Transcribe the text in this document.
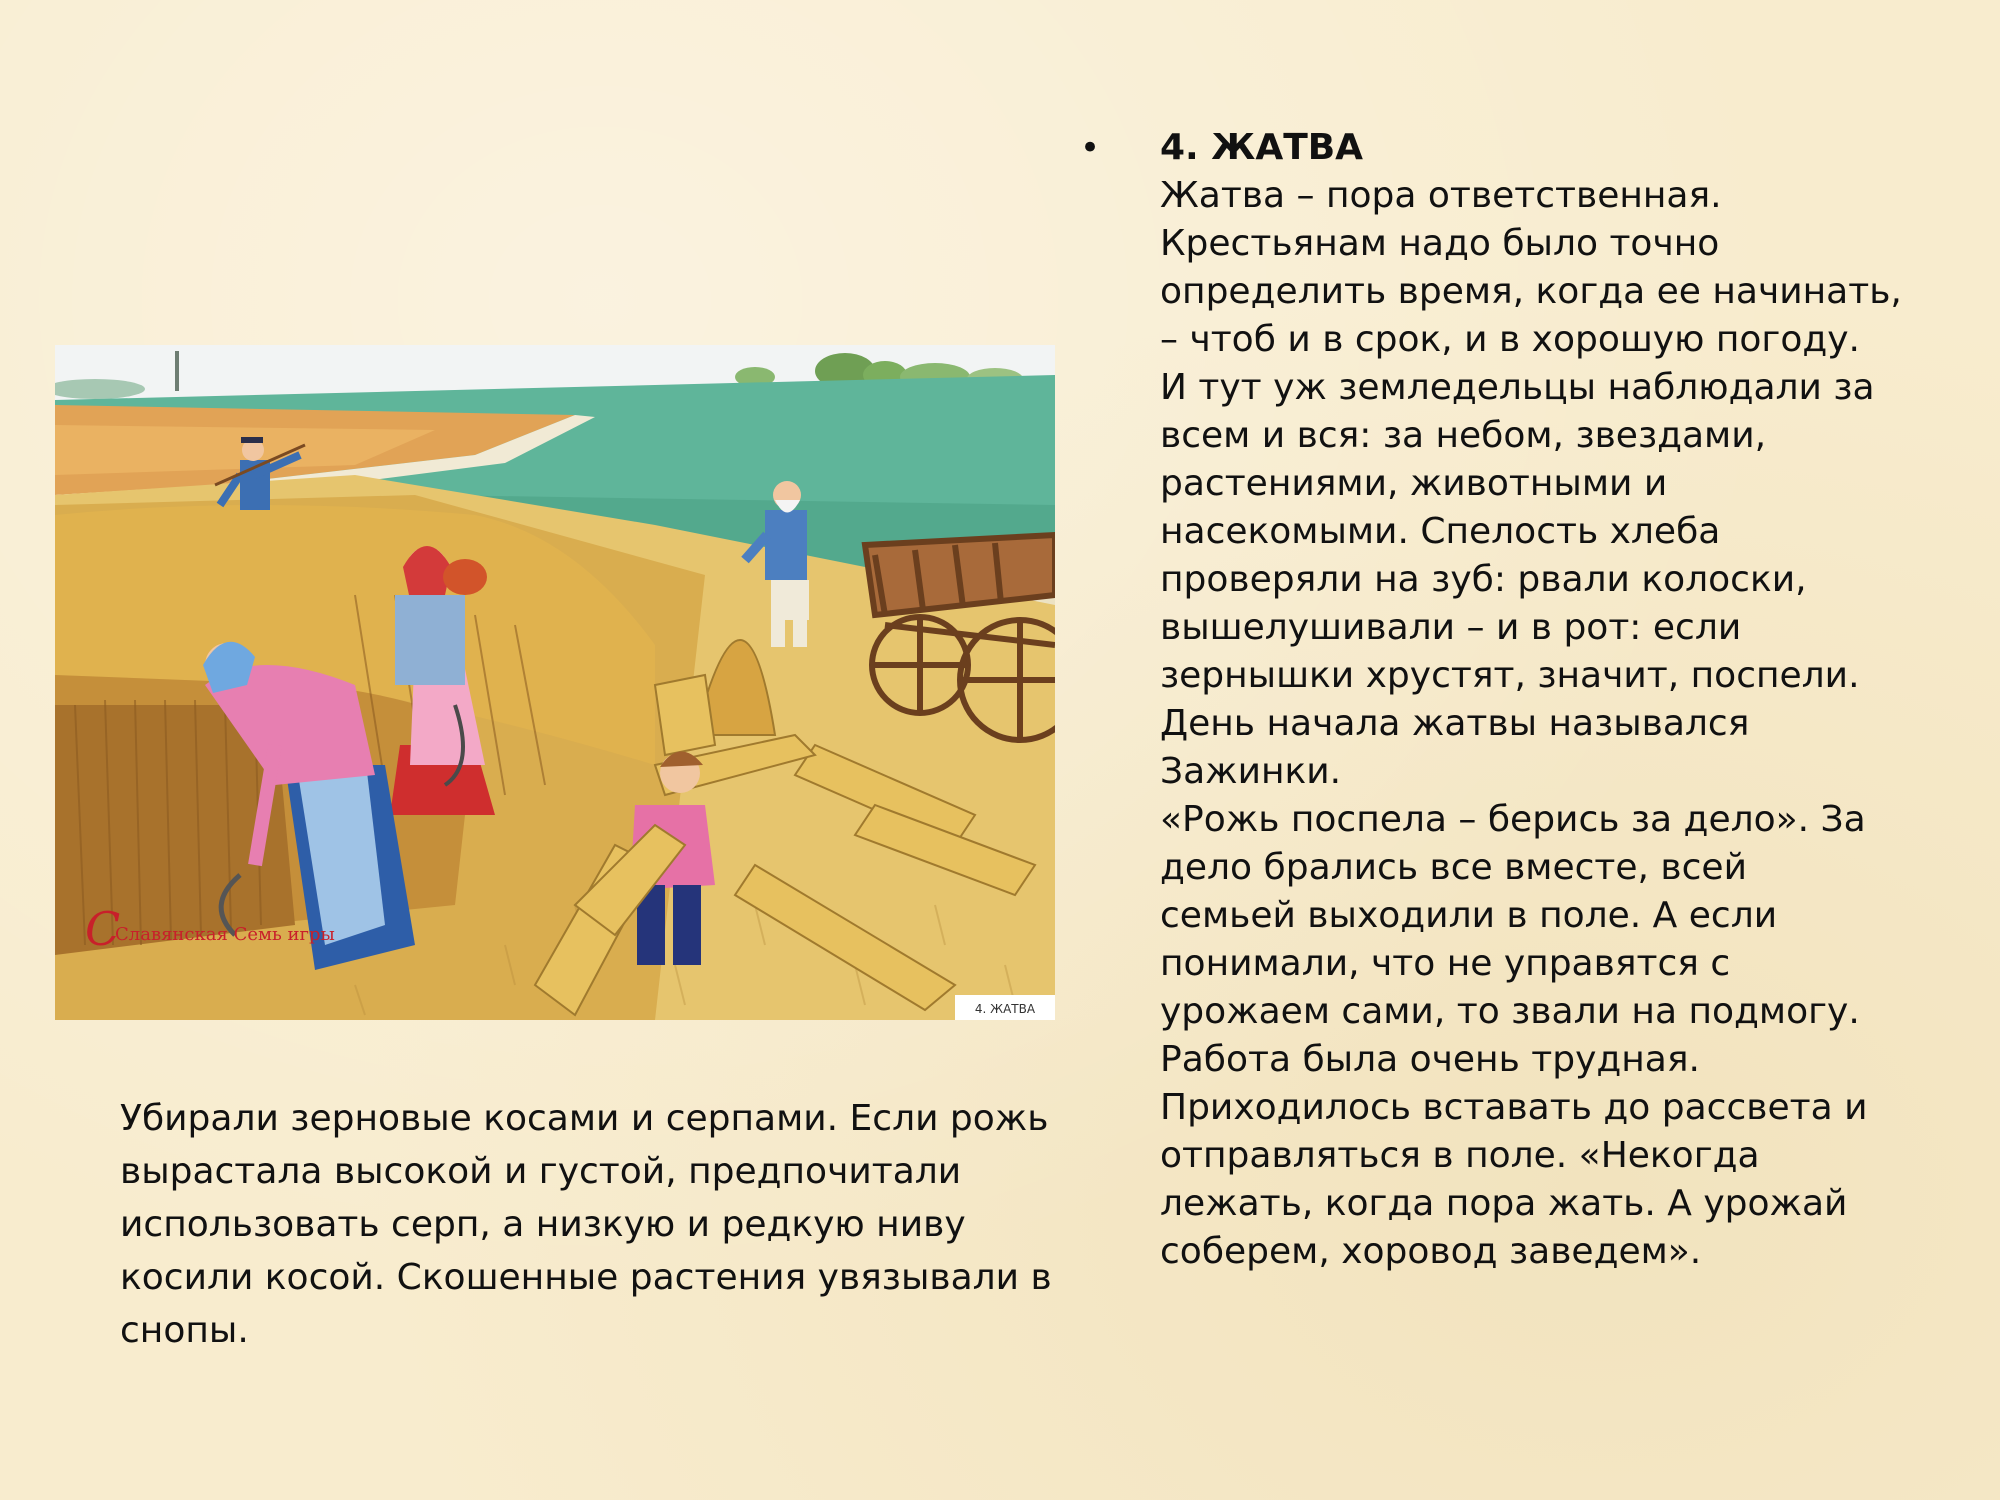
С
Славянская Семь игры
4. ЖАТВА

Убирали зерновые косами и серпами. Если рожь вырастала высокой и густой, предпочитали использовать серп, а низкую и редкую ниву косили косой. Скошенные растения увязывали в снопы.

• 4. ЖАТВА

Жатва – пора ответственная.
Крестьянам надо было точно
определить время, когда ее начинать,
– чтоб и в срок, и в хорошую погоду.
И тут уж земледельцы наблюдали за
всем и вся: за небом, звездами,
растениями, животными и
насекомыми. Спелость хлеба
проверяли на зуб: рвали колоски,
вышелушивали – и в рот: если
зернышки хрустят, значит, поспели.
День начала жатвы назывался
Зажинки.
«Рожь поспела – берись за дело». За
дело брались все вместе, всей
семьей выходили в поле. А если
понимали, что не управятся с
урожаем сами, то звали на подмогу.
Работа была очень трудная.
Приходилось вставать до рассвета и
отправляться в поле. «Некогда
лежать, когда пора жать. А урожай
соберем, хоровод заведем».
